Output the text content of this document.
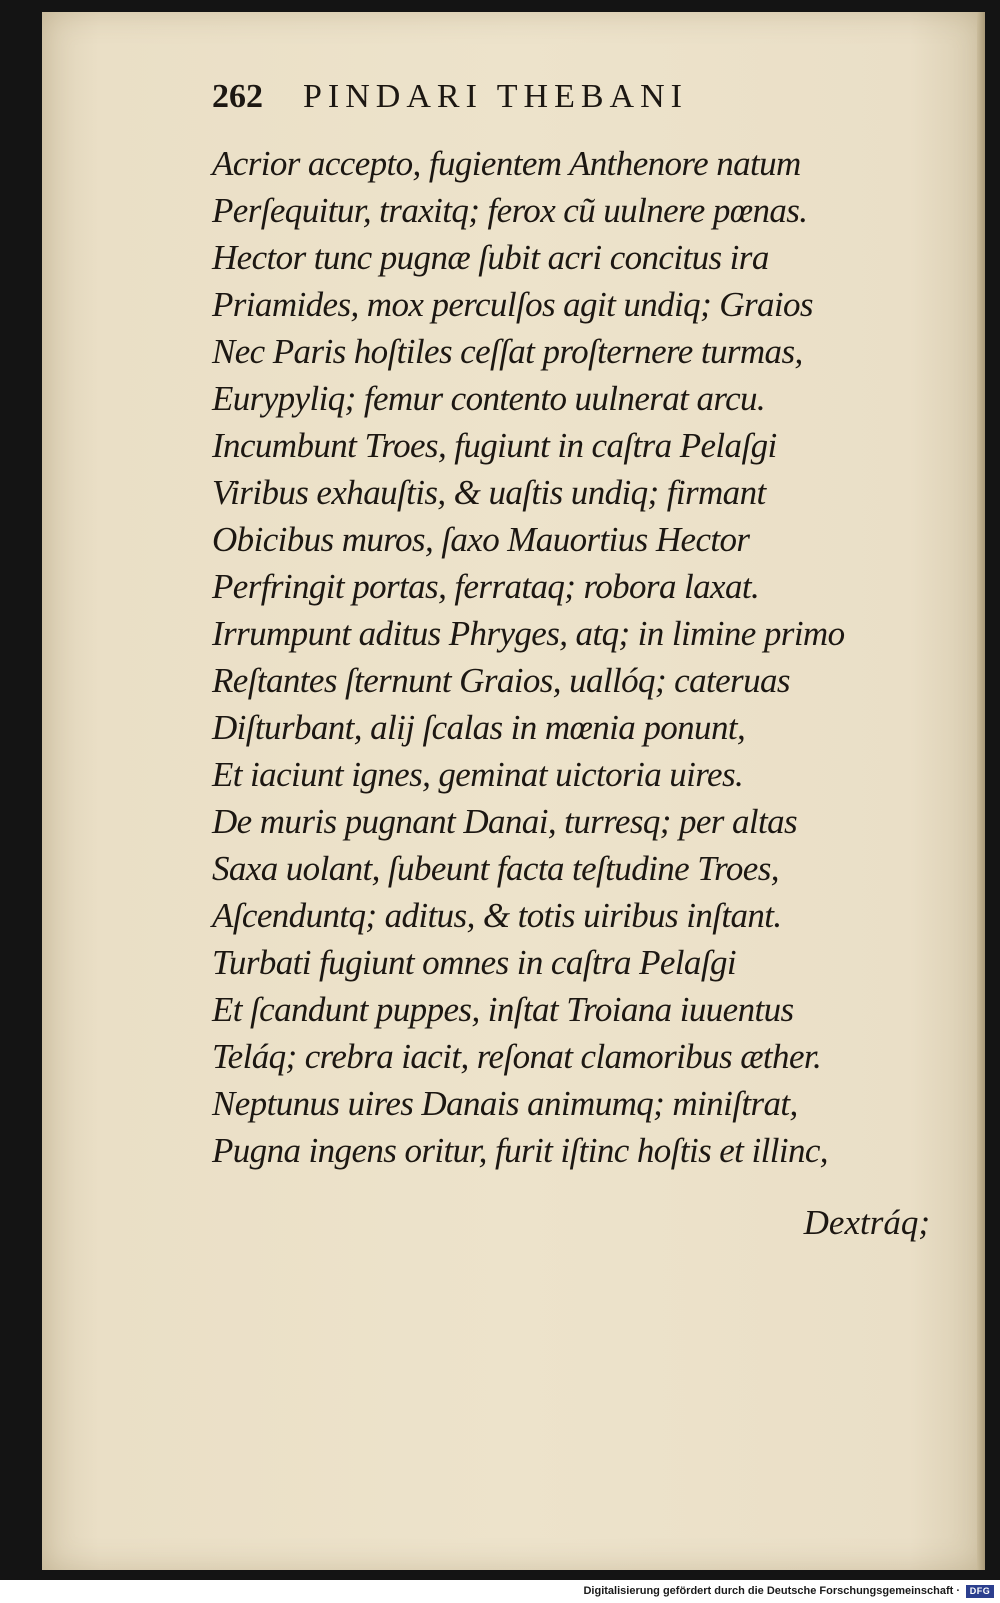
262 PINDARI THEBANI
Acrior accepto, fugientem Anthenore natum
Perſequitur, traxitq; ferox cũ uulnere pœnas.
Hector tunc pugnæ ſubit acri concitus ira
Priamides, mox perculſos agit undiq; Graios
Nec Paris hoſtiles ceſſat proſternere turmas,
Eurypyliq; femur contento uulnerat arcu.
Incumbunt Troes, fugiunt in caſtra Pelaſgi
Viribus exhauſtis, & uaſtis undiq; firmant
Obicibus muros, ſaxo Mauortius Hector
Perfringit portas, ferrataq; robora laxat.
Irrumpunt aditus Phryges, atq; in limine primo
Reſtantes ſternunt Graios, uallóq; cateruas
Diſturbant, alij ſcalas in mœnia ponunt,
Et iaciunt ignes, geminat uictoria uires.
De muris pugnant Danai, turresq; per altas
Saxa uolant, ſubeunt facta teſtudine Troes,
Aſcenduntq; aditus, & totis uiribus inſtant.
Turbati fugiunt omnes in caſtra Pelaſgi
Et ſcandunt puppes, inſtat Troiana iuuentus
Teláq; crebra iacit, reſonat clamoribus æther.
Neptunus uires Danais animumq; miniſtrat,
Pugna ingens oritur, furit iſtinc hoſtis et illinc,
Dextráq;
Digitalisierung gefördert durch die Deutsche Forschungsgemeinschaft ·	DFG
